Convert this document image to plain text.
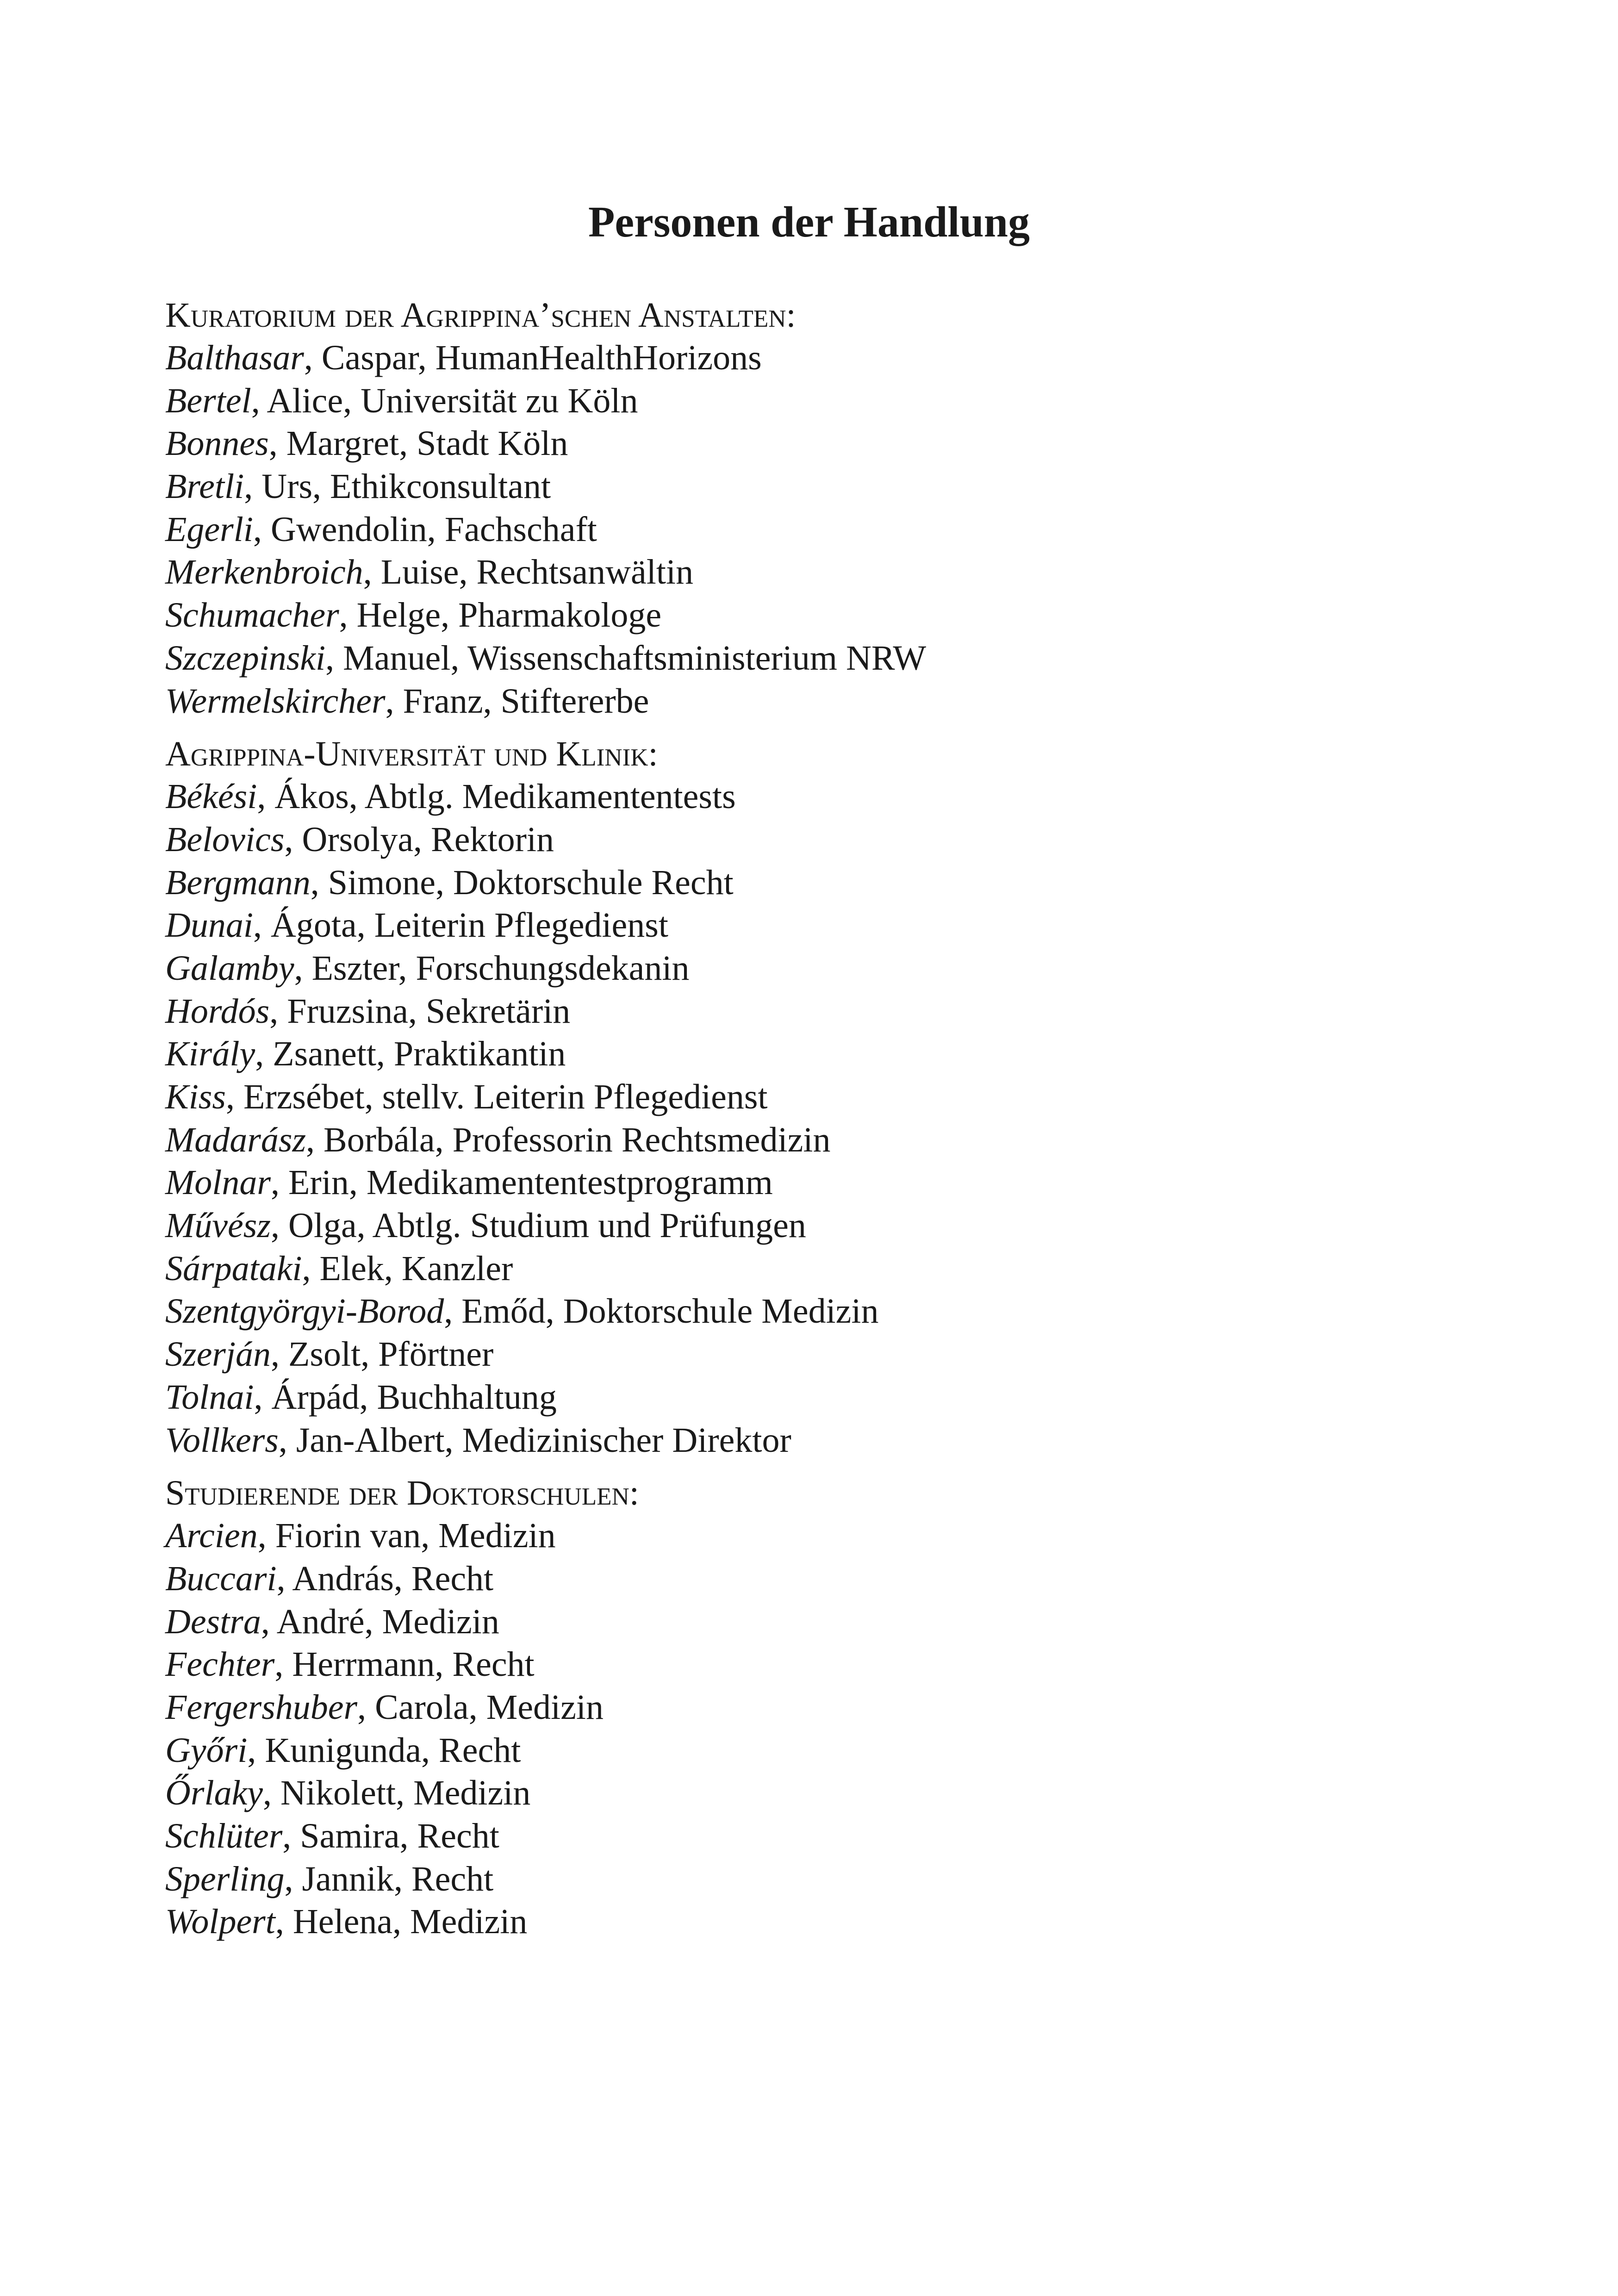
Personen der Handlung
Kuratorium der Agrippina’schen Anstalten:
Balthasar, Caspar, HumanHealthHorizons
Bertel, Alice, Universität zu Köln
Bonnes, Margret, Stadt Köln
Bretli, Urs, Ethikconsultant
Egerli, Gwendolin, Fachschaft
Merkenbroich, Luise, Rechtsanwältin
Schumacher, Helge, Pharmakologe
Szczepinski, Manuel, Wissenschaftsministerium NRW
Wermelskircher, Franz, Stiftererbe
Agrippina-Universität und Klinik:
Békési, Ákos, Abtlg. Medikamententests
Belovics, Orsolya, Rektorin
Bergmann, Simone, Doktorschule Recht
Dunai, Ágota, Leiterin Pflegedienst
Galamby, Eszter, Forschungsdekanin
Hordós, Fruzsina, Sekretärin
Király, Zsanett, Praktikantin
Kiss, Erzsébet, stellv. Leiterin Pflegedienst
Madarász, Borbála, Professorin Rechtsmedizin
Molnar, Erin, Medikamententestprogramm
Művész, Olga, Abtlg. Studium und Prüfungen
Sárpataki, Elek, Kanzler
Szentgyörgyi-Borod, Emőd, Doktorschule Medizin
Szerján, Zsolt, Pförtner
Tolnai, Árpád, Buchhaltung
Vollkers, Jan-Albert, Medizinischer Direktor
Studierende der Doktorschulen:
Arcien, Fiorin van, Medizin
Buccari, András, Recht
Destra, André, Medizin
Fechter, Herrmann, Recht
Fergershuber, Carola, Medizin
Győri, Kunigunda, Recht
Őrlaky, Nikolett, Medizin
Schlüter, Samira, Recht
Sperling, Jannik, Recht
Wolpert, Helena, Medizin
